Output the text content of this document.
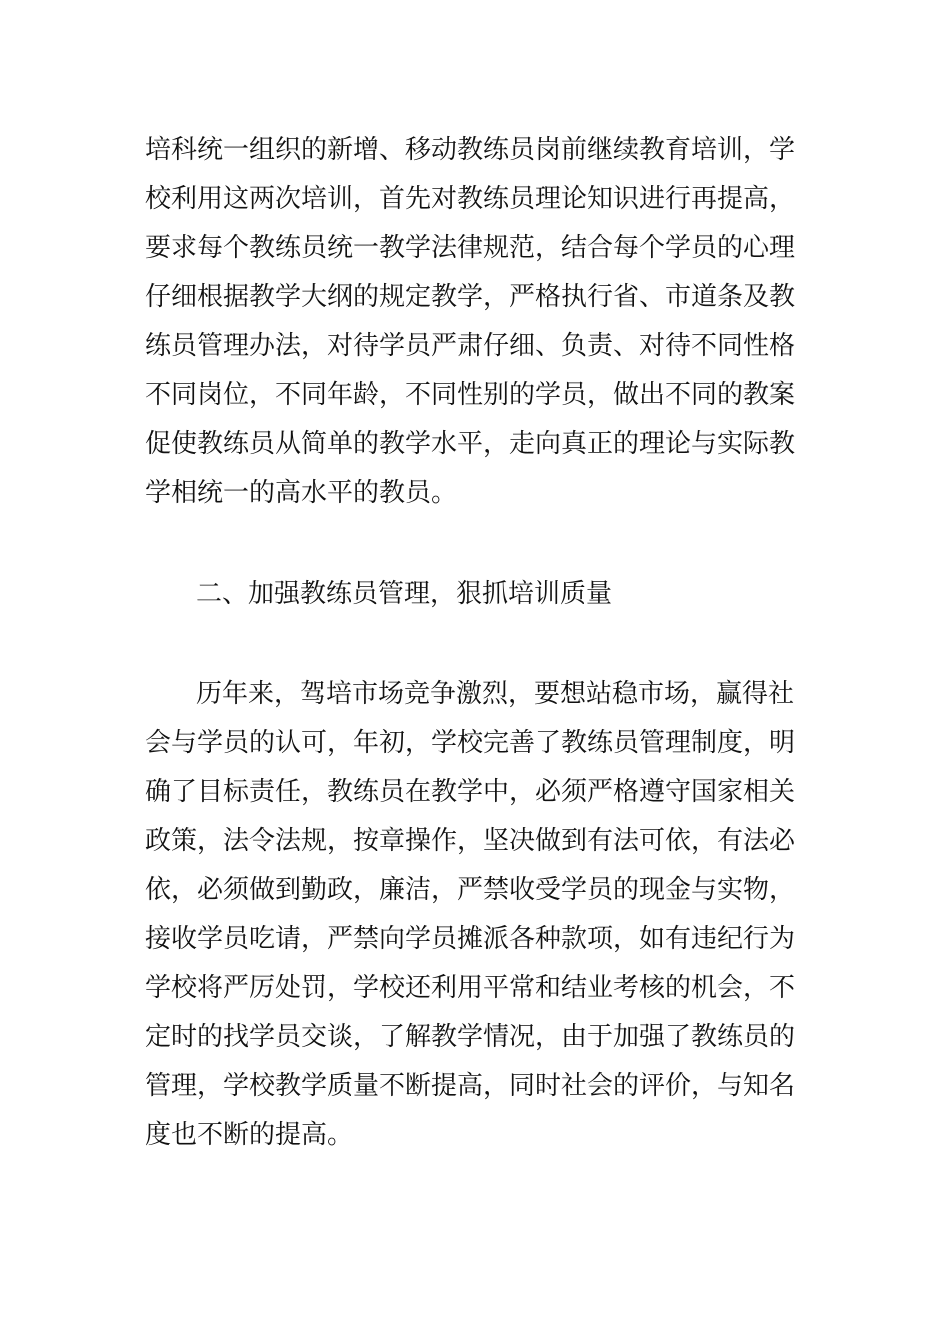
培科统一组织的新增、移动教练员岗前继续教育培训，学
校利用这两次培训，首先对教练员理论知识进行再提高，
要求每个教练员统一教学法律规范，结合每个学员的心理
仔细根据教学大纲的规定教学，严格执行省、市道条及教
练员管理办法，对待学员严肃仔细、负责、对待不同性格
不同岗位，不同年龄，不同性别的学员，做出不同的教案
促使教练员从简单的教学水平，走向真正的理论与实际教
学相统一的高水平的教员。
二、加强教练员管理，狠抓培训质量
历年来，驾培市场竞争激烈，要想站稳市场，赢得社
会与学员的认可，年初，学校完善了教练员管理制度，明
确了目标责任，教练员在教学中，必须严格遵守国家相关
政策，法令法规，按章操作，坚决做到有法可依，有法必
依，必须做到勤政，廉洁，严禁收受学员的现金与实物，
接收学员吃请，严禁向学员摊派各种款项，如有违纪行为
学校将严厉处罚，学校还利用平常和结业考核的机会，不
定时的找学员交谈，了解教学情况，由于加强了教练员的
管理，学校教学质量不断提高，同时社会的评价，与知名
度也不断的提高。
